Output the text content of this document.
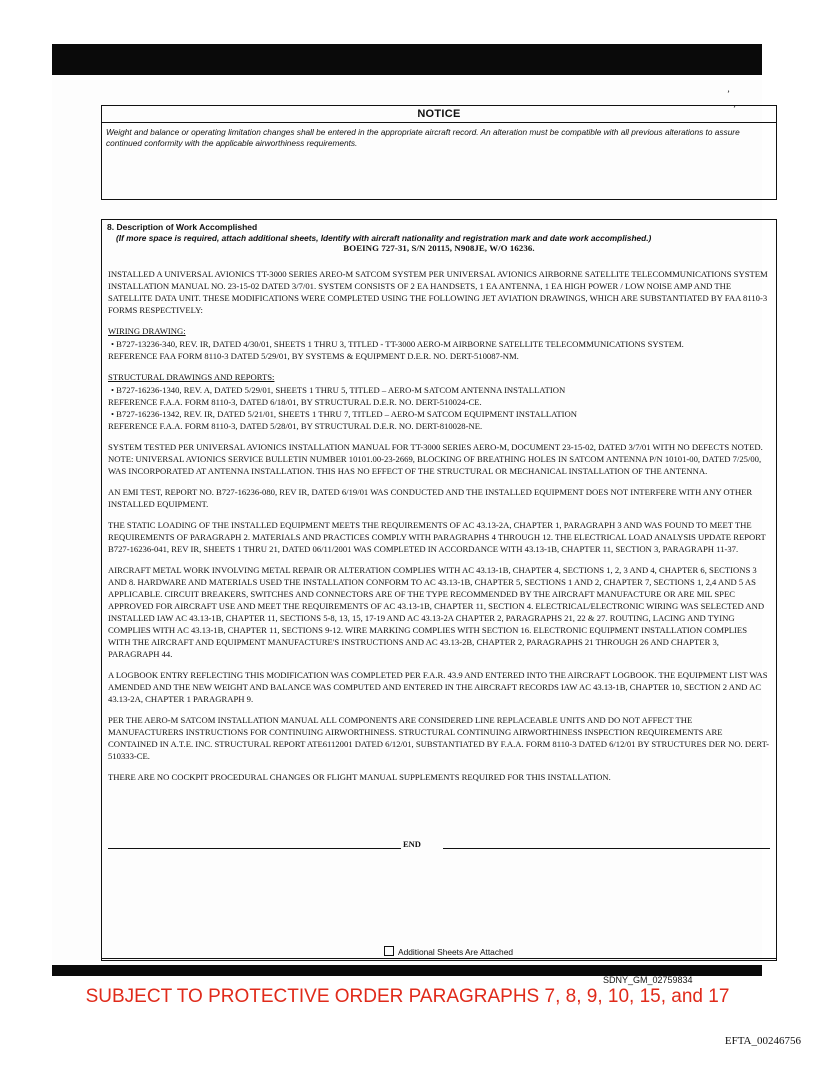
NOTICE
Weight and balance or operating limitation changes shall be entered in the appropriate aircraft record. An alteration must be compatible with all previous alterations to assure continued conformity with the applicable airworthiness requirements.
8. Description of Work Accomplished
(If more space is required, attach additional sheets, Identify with aircraft nationality and registration mark and date work accomplished.)
BOEING 727-31, S/N 20115, N908JE, W/O 16236.

INSTALLED A UNIVERSAL AVIONICS TT-3000 SERIES AREO-M SATCOM SYSTEM PER UNIVERSAL AVIONICS AIRBORNE SATELLITE TELECOMMUNICATIONS SYSTEM INSTALLATION MANUAL NO. 23-15-02 DATED 3/7/01. SYSTEM CONSISTS OF 2 EA HANDSETS, 1 EA ANTENNA, 1 EA HIGH POWER / LOW NOISE AMP AND THE SATELLITE DATA UNIT. THESE MODIFICATIONS WERE COMPLETED USING THE FOLLOWING JET AVIATION DRAWINGS, WHICH ARE SUBSTANTIATED BY FAA 8110-3 FORMS RESPECTIVELY:

WIRING DRAWING:

• B727-13236-340, REV. IR, DATED 4/30/01, SHEETS 1 THRU 3, TITLED - TT-3000 AERO-M AIRBORNE SATELLITE TELECOMMUNICATIONS SYSTEM.

REFERENCE FAA FORM 8110-3 DATED 5/29/01, BY SYSTEMS & EQUIPMENT D.E.R. NO. DERT-510087-NM.

STRUCTURAL DRAWINGS AND REPORTS:

• B727-16236-1340, REV. A, DATED 5/29/01, SHEETS 1 THRU 5, TITLED – AERO-M SATCOM ANTENNA INSTALLATION

REFERENCE F.A.A. FORM 8110-3, DATED 6/18/01, BY STRUCTURAL D.E.R. NO. DERT-510024-CE.

• B727-16236-1342, REV. IR, DATED 5/21/01, SHEETS 1 THRU 7, TITLED – AERO-M SATCOM EQUIPMENT INSTALLATION

REFERENCE F.A.A. FORM 8110-3, DATED 5/28/01, BY STRUCTURAL D.E.R. NO. DERT-810028-NE.

SYSTEM TESTED PER UNIVERSAL AVIONICS INSTALLATION MANUAL FOR TT-3000 SERIES AERO-M, DOCUMENT 23-15-02, DATED 3/7/01 WITH NO DEFECTS NOTED. NOTE: UNIVERSAL AVIONICS SERVICE BULLETIN NUMBER 10101.00-23-2669, BLOCKING OF BREATHING HOLES IN SATCOM ANTENNA P/N 10101-00, DATED 7/25/00, WAS INCORPORATED AT ANTENNA INSTALLATION. THIS HAS NO EFFECT OF THE STRUCTURAL OR MECHANICAL INSTALLATION OF THE ANTENNA.

AN EMI TEST, REPORT NO. B727-16236-080, REV IR, DATED 6/19/01 WAS CONDUCTED AND THE INSTALLED EQUIPMENT DOES NOT INTERFERE WITH ANY OTHER INSTALLED EQUIPMENT.

THE STATIC LOADING OF THE INSTALLED EQUIPMENT MEETS THE REQUIREMENTS OF AC 43.13-2A, CHAPTER 1, PARAGRAPH 3 AND WAS FOUND TO MEET THE REQUIREMENTS OF PARAGRAPH 2. MATERIALS AND PRACTICES COMPLY WITH PARAGRAPHS 4 THROUGH 12. THE ELECTRICAL LOAD ANALYSIS UPDATE REPORT B727-16236-041, REV IR, SHEETS 1 THRU 21, DATED 06/11/2001 WAS COMPLETED IN ACCORDANCE WITH 43.13-1B, CHAPTER 11, SECTION 3, PARAGRAPH 11-37.

AIRCRAFT METAL WORK INVOLVING METAL REPAIR OR ALTERATION COMPLIES WITH AC 43.13-1B, CHAPTER 4, SECTIONS 1, 2, 3 AND 4, CHAPTER 6, SECTIONS 3 AND 8. HARDWARE AND MATERIALS USED THE INSTALLATION CONFORM TO AC 43.13-1B, CHAPTER 5, SECTIONS 1 AND 2, CHAPTER 7, SECTIONS 1, 2,4 AND 5 AS APPLICABLE. CIRCUIT BREAKERS, SWITCHES AND CONNECTORS ARE OF THE TYPE RECOMMENDED BY THE AIRCRAFT MANUFACTURE OR ARE MIL SPEC APPROVED FOR AIRCRAFT USE AND MEET THE REQUIREMENTS OF AC 43.13-1B, CHAPTER 11, SECTION 4. ELECTRICAL/ELECTRONIC WIRING WAS SELECTED AND INSTALLED IAW AC 43.13-1B, CHAPTER 11, SECTIONS 5-8, 13, 15, 17-19 AND AC 43.13-2A CHAPTER 2, PARAGRAPHS 21, 22 & 27. ROUTING, LACING AND TYING COMPLIES WITH AC 43.13-1B, CHAPTER 11, SECTIONS 9-12. WIRE MARKING COMPLIES WITH SECTION 16. ELECTRONIC EQUIPMENT INSTALLATION COMPLIES WITH THE AIRCRAFT AND EQUIPMENT MANUFACTURE'S INSTRUCTIONS AND AC 43.13-2B, CHAPTER 2, PARAGRAPHS 21 THROUGH 26 AND CHAPTER 3, PARAGRAPH 44.

A LOGBOOK ENTRY REFLECTING THIS MODIFICATION WAS COMPLETED PER F.A.R. 43.9 AND ENTERED INTO THE AIRCRAFT LOGBOOK. THE EQUIPMENT LIST WAS AMENDED AND THE NEW WEIGHT AND BALANCE WAS COMPUTED AND ENTERED IN THE AIRCRAFT RECORDS IAW AC 43.13-1B, CHAPTER 10, SECTION 2 AND AC 43.13-2A, CHAPTER 1 PARAGRAPH 9.

PER THE AERO-M SATCOM INSTALLATION MANUAL ALL COMPONENTS ARE CONSIDERED LINE REPLACEABLE UNITS AND DO NOT AFFECT THE MANUFACTURERS INSTRUCTIONS FOR CONTINUING AIRWORTHINESS. STRUCTURAL CONTINUING AIRWORTHINESS INSPECTION REQUIREMENTS ARE CONTAINED IN A.T.E. INC. STRUCTURAL REPORT ATE6112001 DATED 6/12/01, SUBSTANTIATED BY F.A.A. FORM 8110-3 DATED 6/12/01 BY STRUCTURES DER NO. DERT-510333-CE.

THERE ARE NO COCKPIT PROCEDURAL CHANGES OR FLIGHT MANUAL SUPPLEMENTS REQUIRED FOR THIS INSTALLATION.

END
Additional Sheets Are Attached
’
’
SDNY_GM_02759834
SUBJECT TO PROTECTIVE ORDER PARAGRAPHS 7, 8, 9, 10, 15, and 17
EFTA_00246756
